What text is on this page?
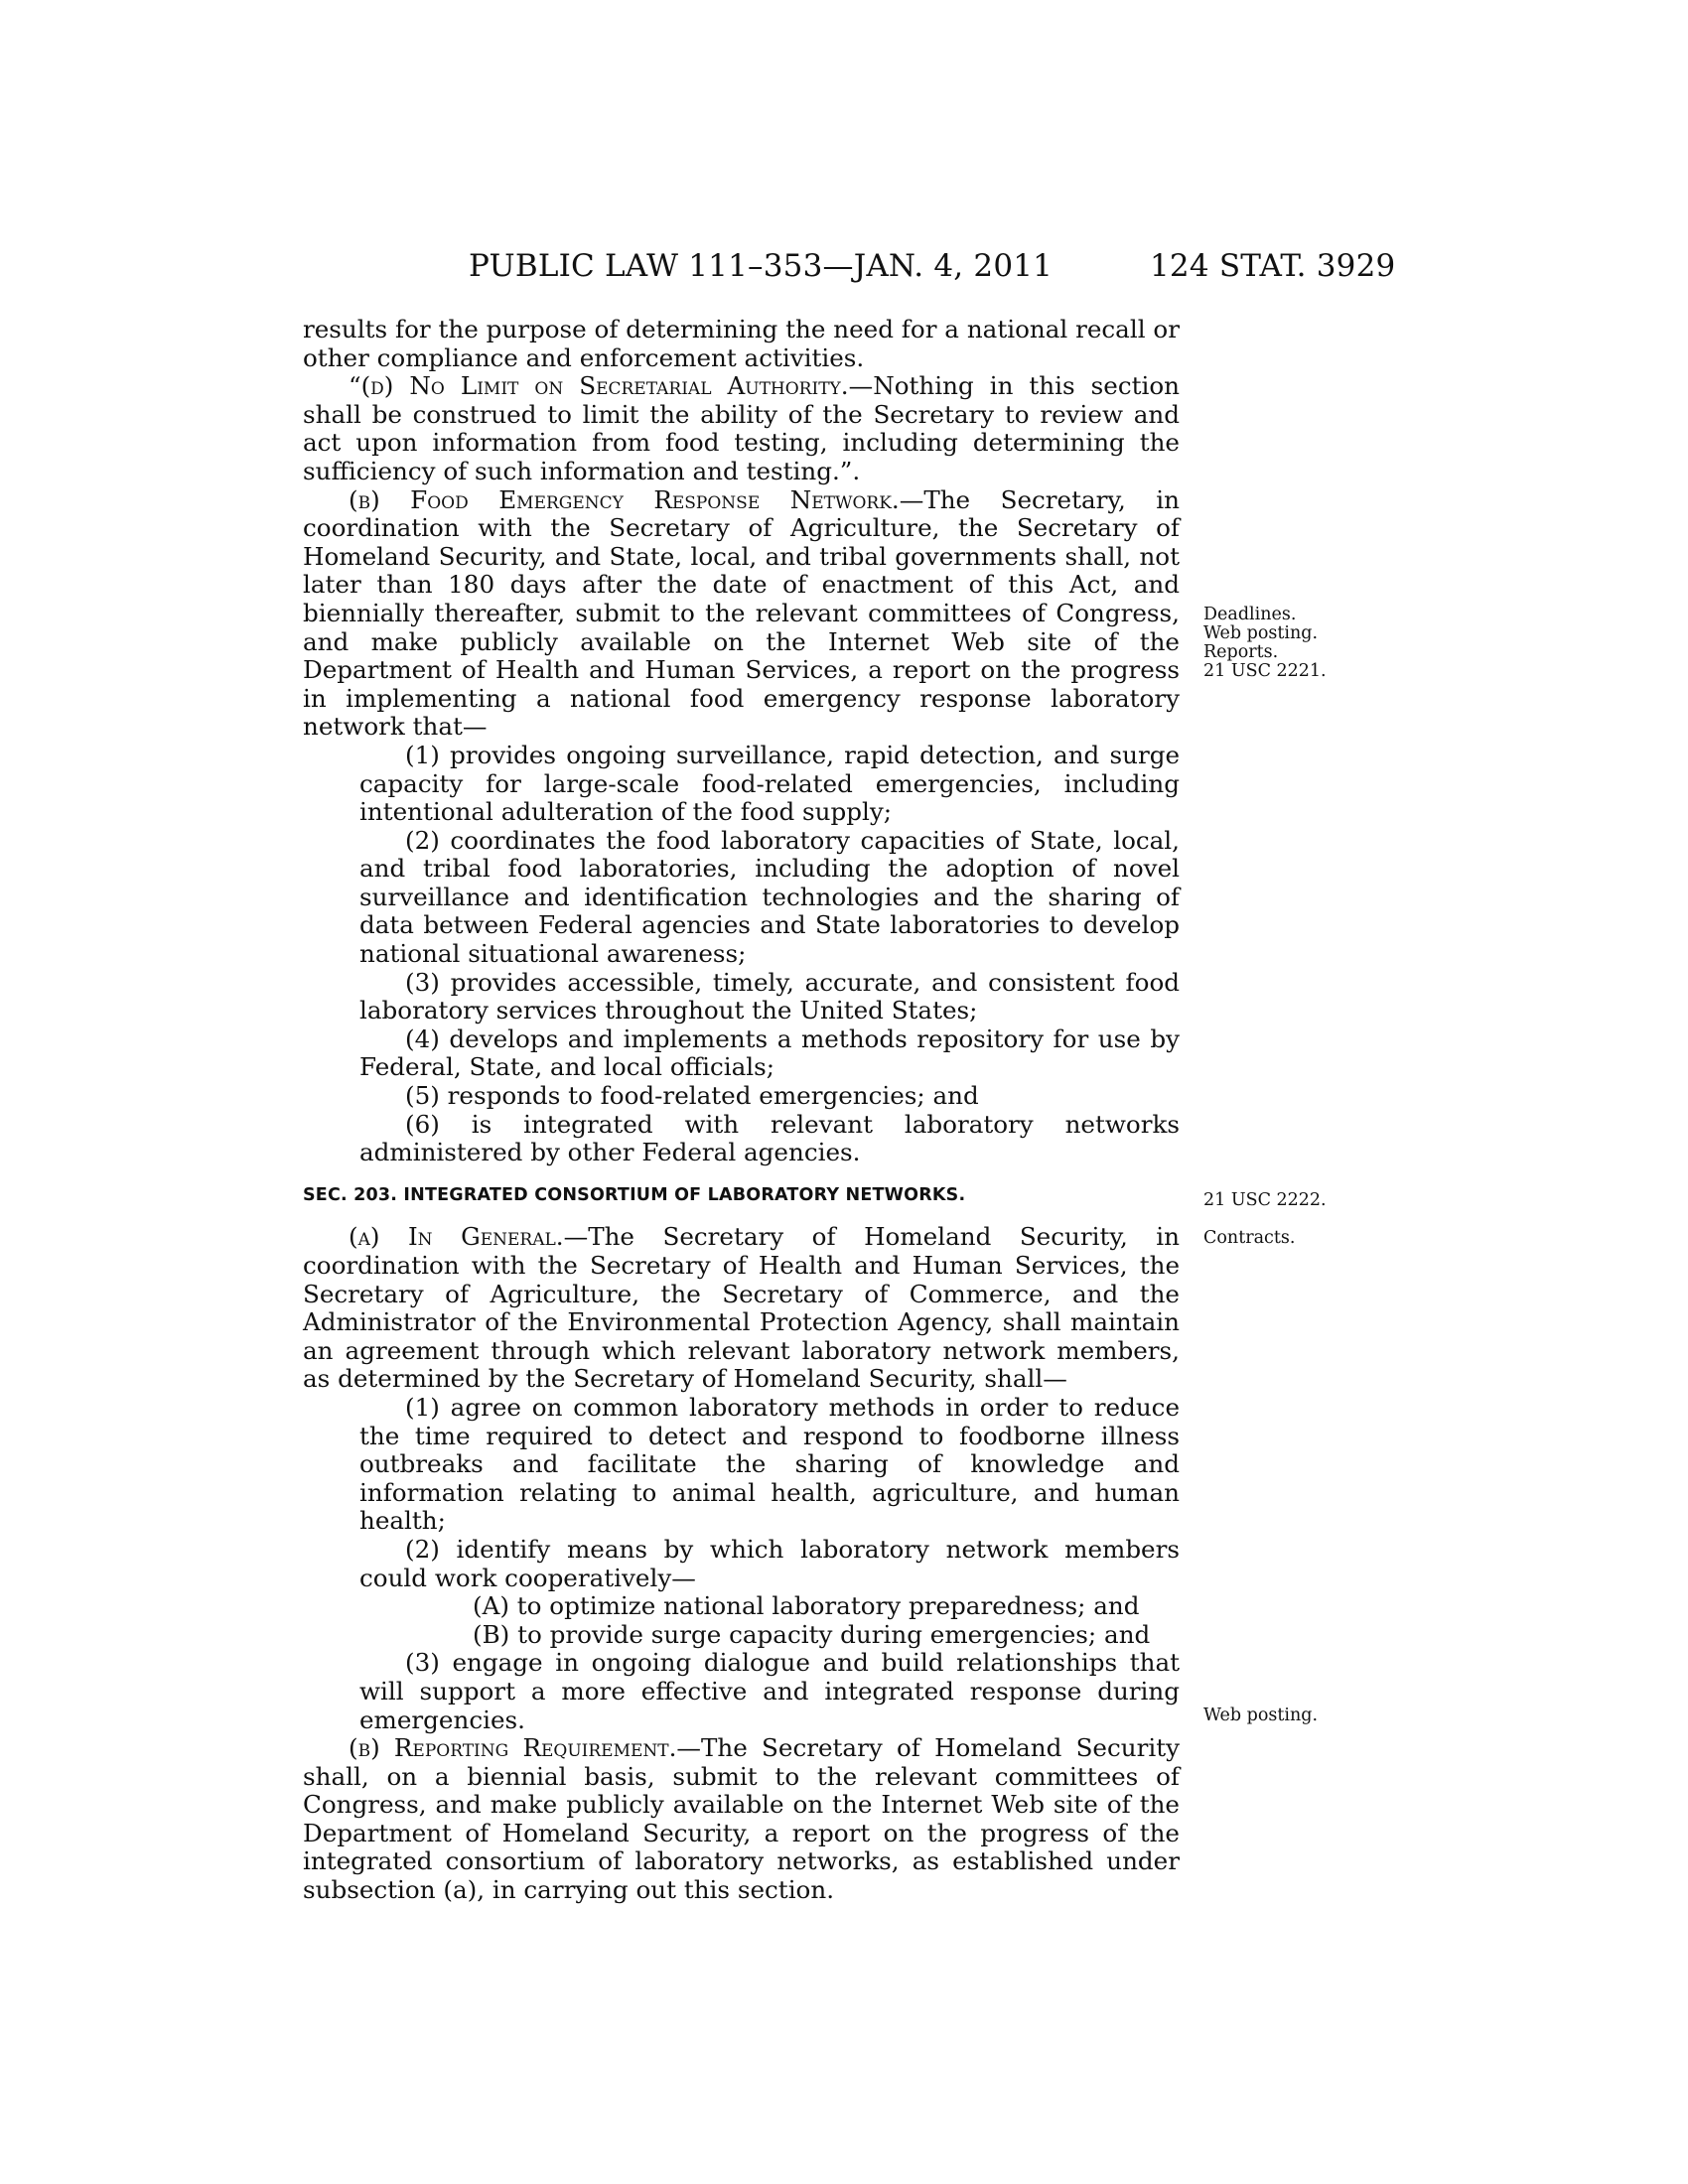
PUBLIC LAW 111–353—JAN. 4, 2011	124 STAT. 3929

results for the purpose of determining the need for a national recall or other compliance and enforcement activities.

“(d) No Limit on Secretarial Authority.—Nothing in this section shall be construed to limit the ability of the Secretary to review and act upon information from food testing, including determining the sufficiency of such information and testing.”.

(b) Food Emergency Response Network.—The Secretary, in coordination with the Secretary of Agriculture, the Secretary of Homeland Security, and State, local, and tribal governments shall, not later than 180 days after the date of enactment of this Act, and biennially thereafter, submit to the relevant committees of Congress, and make publicly available on the Internet Web site of the Department of Health and Human Services, a report on the progress in implementing a national food emergency response laboratory network that—

(1) provides ongoing surveillance, rapid detection, and surge capacity for large-scale food-related emergencies, including intentional adulteration of the food supply;

(2) coordinates the food laboratory capacities of State, local, and tribal food laboratories, including the adoption of novel surveillance and identification technologies and the sharing of data between Federal agencies and State laboratories to develop national situational awareness;

(3) provides accessible, timely, accurate, and consistent food laboratory services throughout the United States;

(4) develops and implements a methods repository for use by Federal, State, and local officials;

(5) responds to food-related emergencies; and

(6) is integrated with relevant laboratory networks administered by other Federal agencies.

SEC. 203. INTEGRATED CONSORTIUM OF LABORATORY NETWORKS.

(a) In General.—The Secretary of Homeland Security, in coordination with the Secretary of Health and Human Services, the Secretary of Agriculture, the Secretary of Commerce, and the Administrator of the Environmental Protection Agency, shall maintain an agreement through which relevant laboratory network members, as determined by the Secretary of Homeland Security, shall—

(1) agree on common laboratory methods in order to reduce the time required to detect and respond to foodborne illness outbreaks and facilitate the sharing of knowledge and information relating to animal health, agriculture, and human health;

(2) identify means by which laboratory network members could work cooperatively—

(A) to optimize national laboratory preparedness; and

(B) to provide surge capacity during emergencies; and

(3) engage in ongoing dialogue and build relationships that will support a more effective and integrated response during emergencies.

(b) Reporting Requirement.—The Secretary of Homeland Security shall, on a biennial basis, submit to the relevant committees of Congress, and make publicly available on the Internet Web site of the Department of Homeland Security, a report on the progress of the integrated consortium of laboratory networks, as established under subsection (a), in carrying out this section.

Deadlines.
Web posting.
Reports.
21 USC 2221.
21 USC 2222.
Contracts.
Web posting.
